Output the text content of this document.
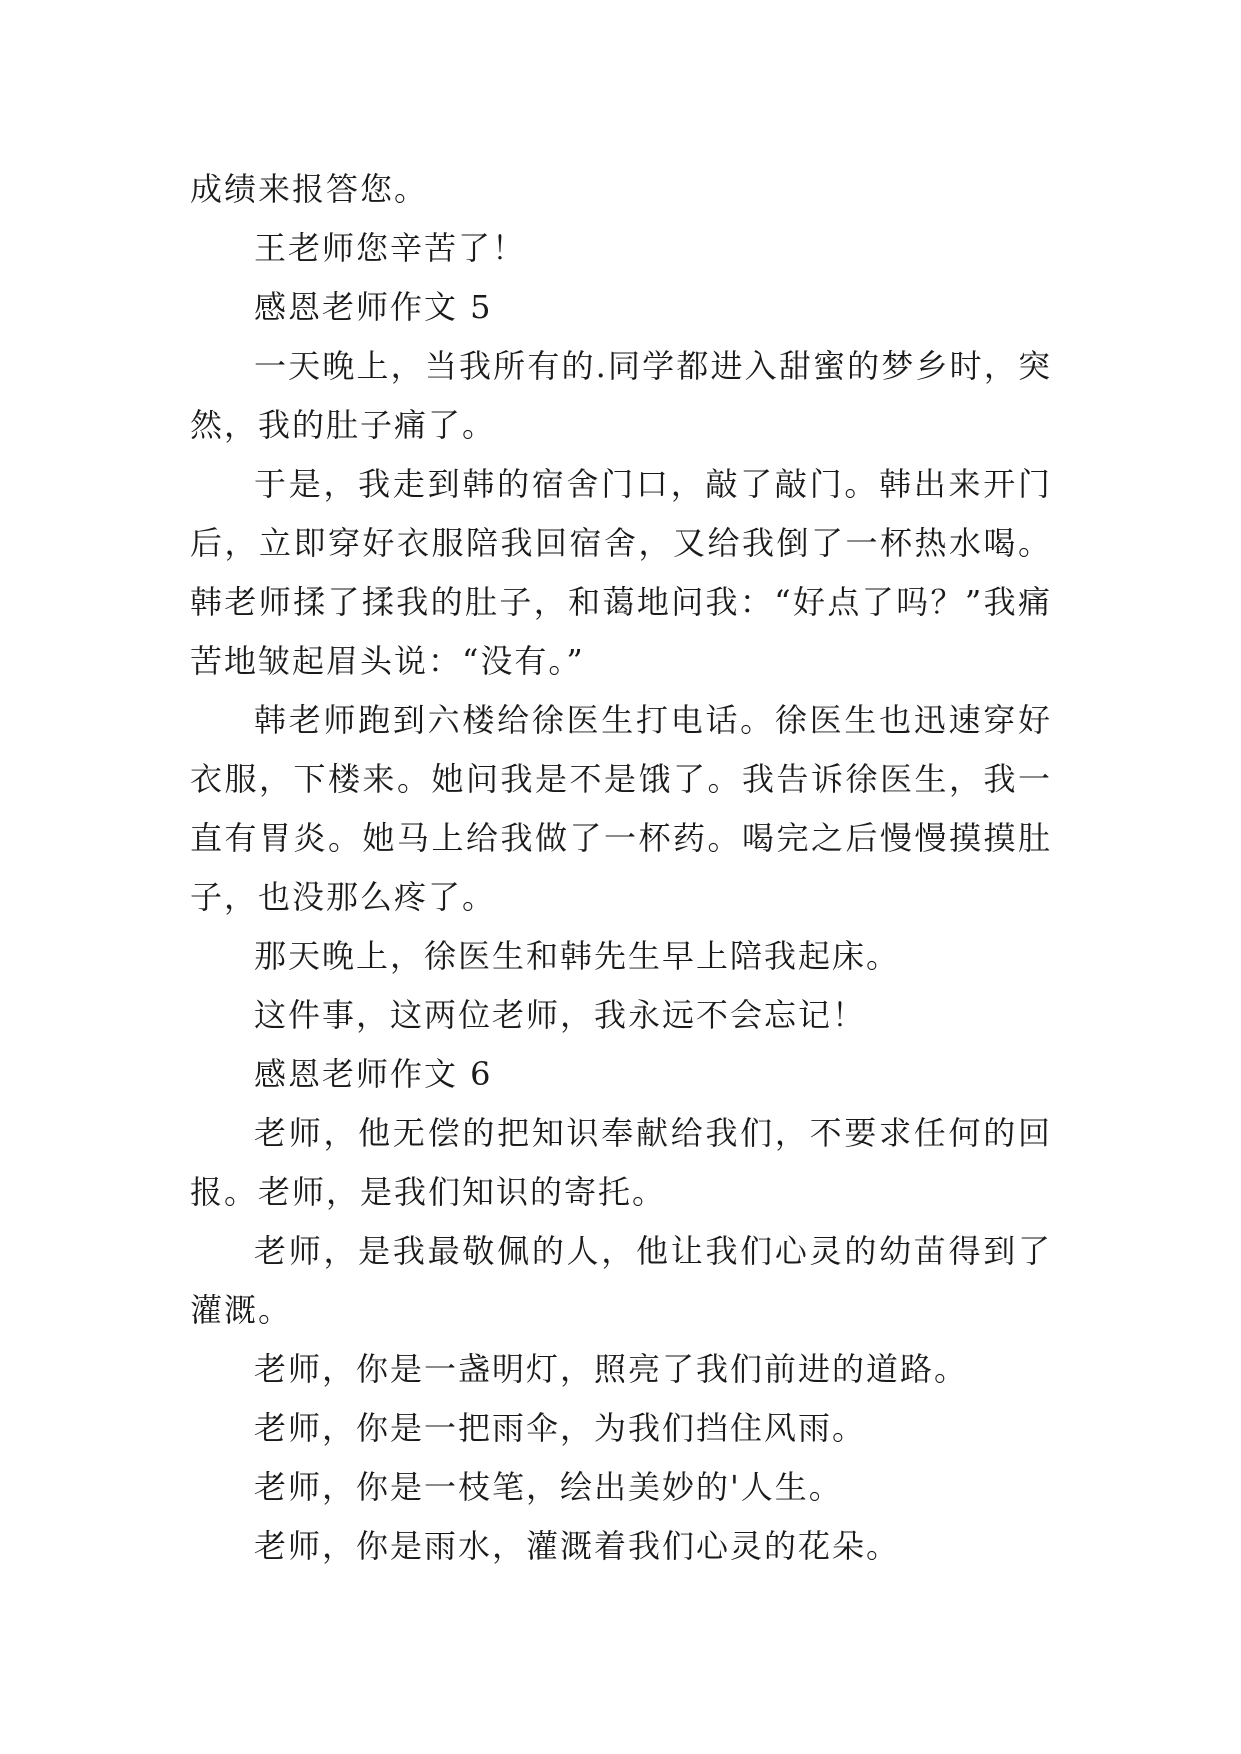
成绩来报答您。

王老师您辛苦了！

感恩老师作文 5

一天晚上，当我所有的.同学都进入甜蜜的梦乡时，突然，我的肚子痛了。

于是，我走到韩的宿舍门口，敲了敲门。韩出来开门后，立即穿好衣服陪我回宿舍，又给我倒了一杯热水喝。韩老师揉了揉我的肚子，和蔼地问我：“好点了吗？”我痛苦地皱起眉头说：“没有。”

韩老师跑到六楼给徐医生打电话。徐医生也迅速穿好衣服，下楼来。她问我是不是饿了。我告诉徐医生，我一直有胃炎。她马上给我做了一杯药。喝完之后慢慢摸摸肚子，也没那么疼了。

那天晚上，徐医生和韩先生早上陪我起床。

这件事，这两位老师，我永远不会忘记！

感恩老师作文 6

老师，他无偿的把知识奉献给我们，不要求任何的回报。老师，是我们知识的寄托。

老师，是我最敬佩的人，他让我们心灵的幼苗得到了灌溉。

老师，你是一盏明灯，照亮了我们前进的道路。

老师，你是一把雨伞，为我们挡住风雨。

老师，你是一枝笔，绘出美妙的'人生。

老师，你是雨水，灌溉着我们心灵的花朵。
